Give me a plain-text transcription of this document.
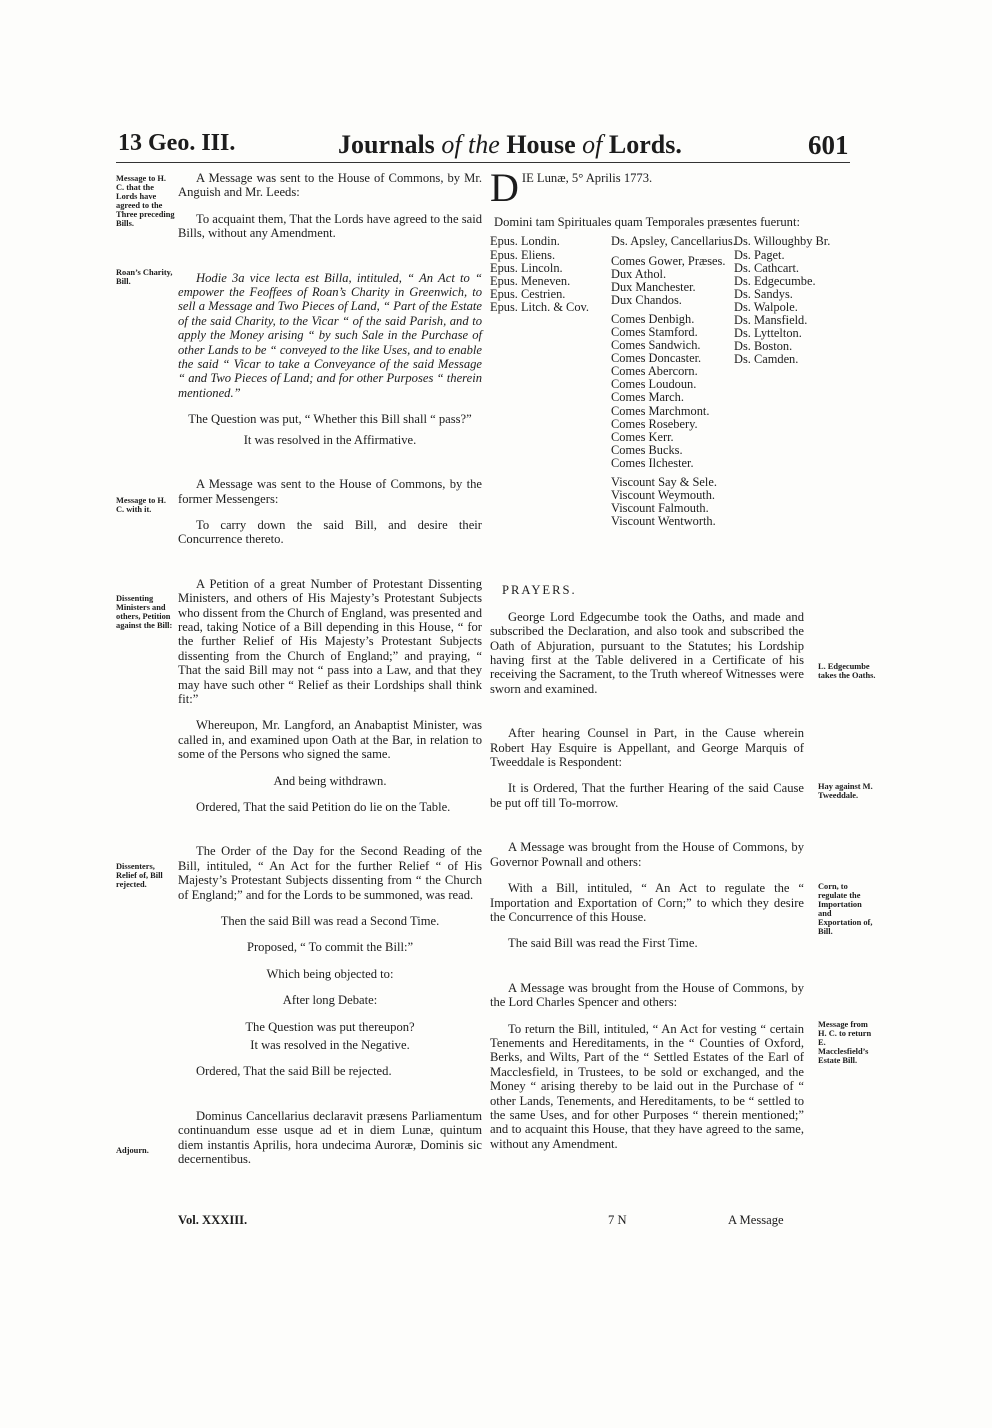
13 Geo. III.	Journals of the House of Lords.	601
Message to H. C. that the Lords have agreed to the Three preceding Bills.
Roan’s Charity, Bill.
Message to H. C. with it.
Dissenting Ministers and others, Petition against the Bill:
Dissenters, Relief of, Bill rejected.
Adjourn.

A Message was sent to the House of Commons, by Mr. Anguish and Mr. Leeds:

To acquaint them, That the Lords have agreed to the said Bills, without any Amendment.

Hodie 3a vice lecta est Billa, intituled, “ An Act to “ empower the Feoffees of Roan’s Charity in Greenwich, to sell a Message and Two Pieces of Land, “ Part of the Estate of the said Charity, to the Vicar “ of the said Parish, and to apply the Money arising “ by such Sale in the Purchase of other Lands to be “ conveyed to the like Uses, and to enable the said “ Vicar to take a Conveyance of the said Message “ and Two Pieces of Land; and for other Purposes “ therein mentioned.”

The Question was put, “ Whether this Bill shall “ pass?”

It was resolved in the Affirmative.

A Message was sent to the House of Commons, by the former Messengers:

To carry down the said Bill, and desire their Concurrence thereto.

A Petition of a great Number of Protestant Dissenting Ministers, and others of His Majesty’s Protestant Subjects who dissent from the Church of England, was presented and read, taking Notice of a Bill depending in this House, “ for the further Relief of His Majesty’s Protestant Subjects dissenting from the Church of England;” and praying, “ That the said Bill may not “ pass into a Law, and that they may have such other “ Relief as their Lordships shall think fit:”

Whereupon, Mr. Langford, an Anabaptist Minister, was called in, and examined upon Oath at the Bar, in relation to some of the Persons who signed the same.

And being withdrawn.

Ordered, That the said Petition do lie on the Table.

The Order of the Day for the Second Reading of the Bill, intituled, “ An Act for the further Relief “ of His Majesty’s Protestant Subjects dissenting from “ the Church of England;” and for the Lords to be summoned, was read.

Then the said Bill was read a Second Time.

Proposed, “ To commit the Bill:”

Which being objected to:

After long Debate:

The Question was put thereupon?

It was resolved in the Negative.

Ordered, That the said Bill be rejected.

Dominus Cancellarius declaravit præsens Parliamentum continuandum esse usque ad et in diem Lunæ, quintum diem instantis Aprilis, hora undecima Auroræ, Dominis sic decernentibus.

DIE Lunæ, 5° Aprilis 1773.

Domini tam Spirituales quam Temporales præsentes fuerunt:

Epus. Londin.
Epus. Eliens.
Epus. Lincoln.
Epus. Meneven.
Epus. Cestrien.
Epus. Litch. & Cov.
Ds. Apsley, Cancellarius.
Comes Gower, Præses.
Dux Athol.
Dux Manchester.
Dux Chandos.
Comes Denbigh.
Comes Stamford.
Comes Sandwich.
Comes Doncaster.
Comes Abercorn.
Comes Loudoun.
Comes March.
Comes Marchmont.
Comes Rosebery.
Comes Kerr.
Comes Bucks.
Comes Ilchester.
Viscount Say & Sele.
Viscount Weymouth.
Viscount Falmouth.
Viscount Wentworth.
Ds. Willoughby Br.
Ds. Paget.
Ds. Cathcart.
Ds. Edgecumbe.
Ds. Sandys.
Ds. Walpole.
Ds. Mansfield.
Ds. Lyttelton.
Ds. Boston.
Ds. Camden.

PRAYERS.

George Lord Edgecumbe took the Oaths, and made and subscribed the Declaration, and also took and subscribed the Oath of Abjuration, pursuant to the Statutes; his Lordship having first at the Table delivered in a Certificate of his receiving the Sacrament, to the Truth whereof Witnesses were sworn and examined.

After hearing Counsel in Part, in the Cause wherein Robert Hay Esquire is Appellant, and George Marquis of Tweeddale is Respondent:

It is Ordered, That the further Hearing of the said Cause be put off till To-morrow.

A Message was brought from the House of Commons, by Governor Pownall and others:

With a Bill, intituled, “ An Act to regulate the “ Importation and Exportation of Corn;” to which they desire the Concurrence of this House.

The said Bill was read the First Time.

A Message was brought from the House of Commons, by the Lord Charles Spencer and others:

To return the Bill, intituled, “ An Act for vesting “ certain Tenements and Hereditaments, in the “ Counties of Oxford, Berks, and Wilts, Part of the “ Settled Estates of the Earl of Macclesfield, in Trustees, to be sold or exchanged, and the Money “ arising thereby to be laid out in the Purchase of “ other Lands, Tenements, and Hereditaments, to be “ settled to the same Uses, and for other Purposes “ therein mentioned;” and to acquaint this House, that they have agreed to the same, without any Amendment.

L. Edgecumbe takes the Oaths.
Hay against M. Tweeddale.
Corn, to regulate the Importation and Exportation of, Bill.
Message from H. C. to return E. Macclesfield’s Estate Bill.
Vol. XXXIII.	7 N	A Message
